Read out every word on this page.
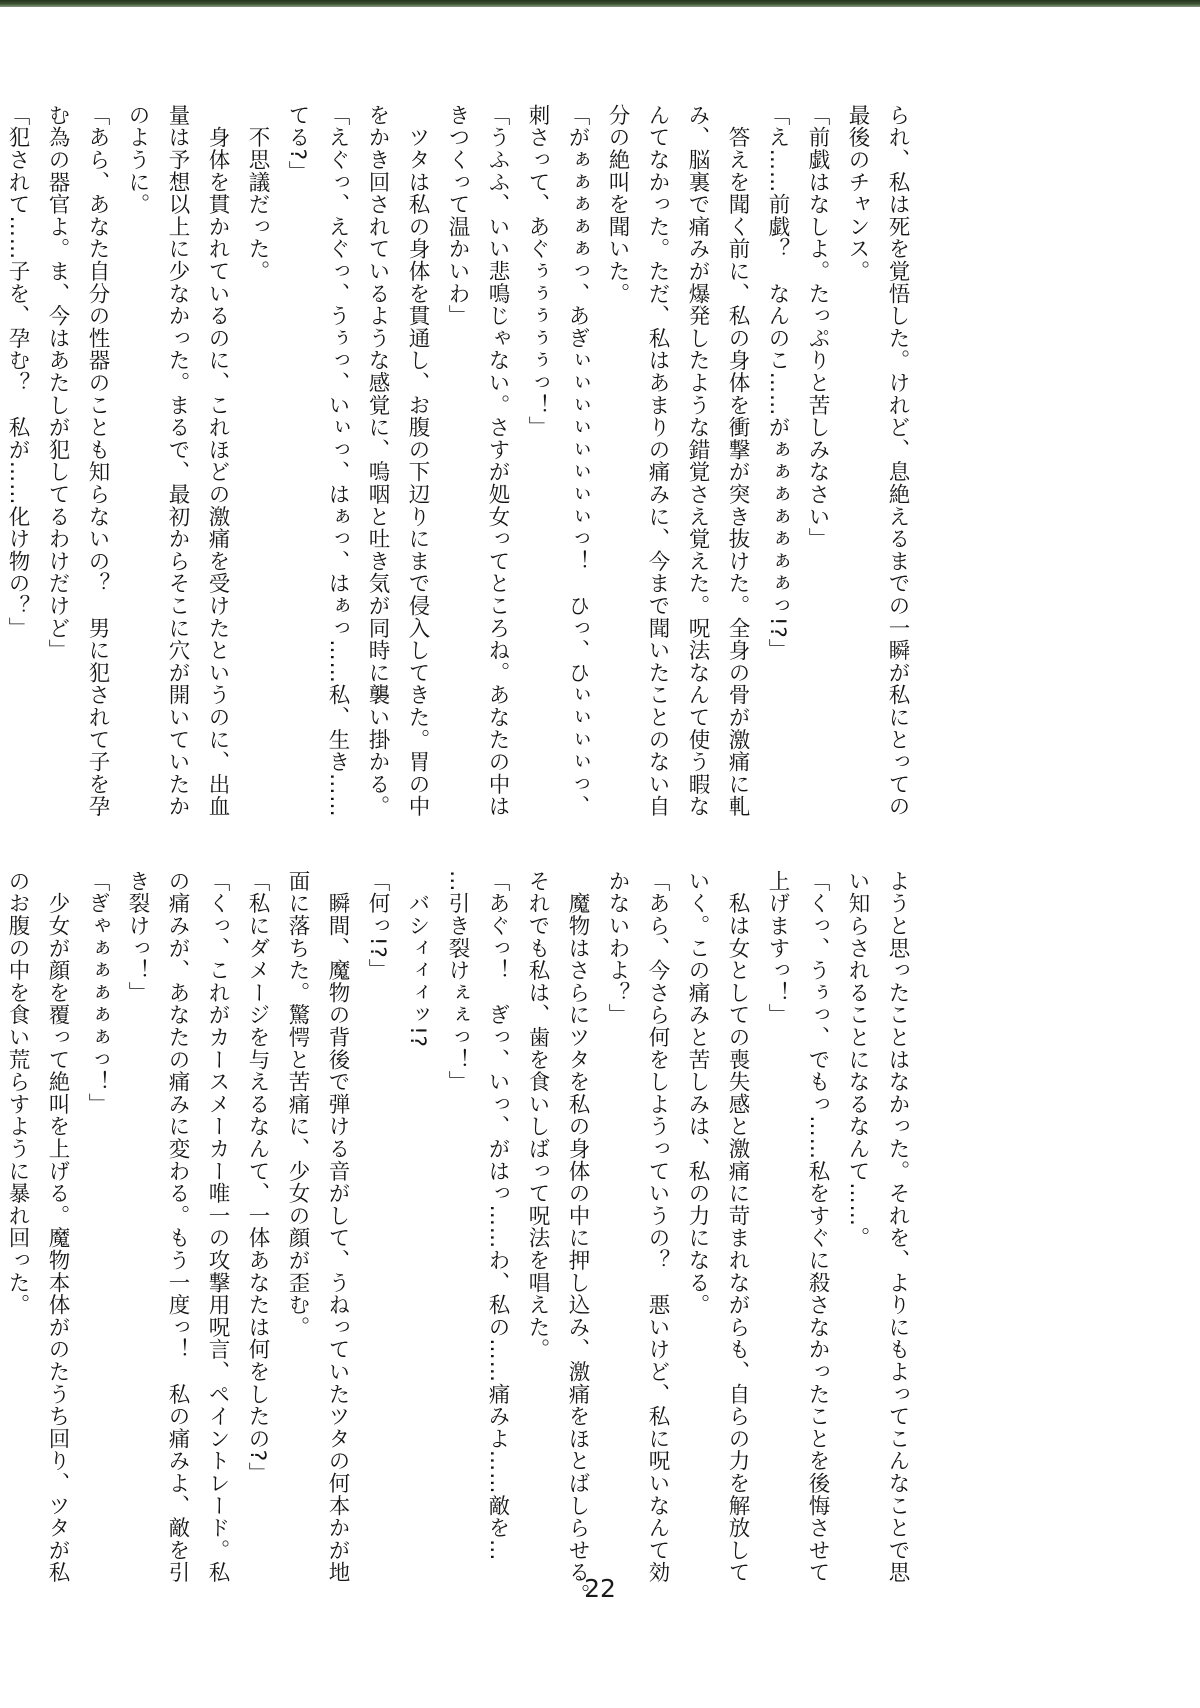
られ、私は死を覚悟した。けれど、息絶えるまでの一瞬が私にとっての
最後のチャンス。
「前戯はなしよ。たっぷりと苦しみなさい」
「え……前戯？　なんのこ……がぁぁぁぁぁぁぁっ!?」
　答えを聞く前に、私の身体を衝撃が突き抜けた。全身の骨が激痛に軋
み、脳裏で痛みが爆発したような錯覚さえ覚えた。呪法なんて使う暇な
んてなかった。ただ、私はあまりの痛みに、今まで聞いたことのない自
分の絶叫を聞いた。
「がぁぁぁぁぁっ、あぎぃぃぃぃぃぃぃぃっ！　ひっ、ひぃぃぃぃっ、
刺さって、あぐぅぅぅぅぅっ！」
「うふふ、いい悲鳴じゃない。さすが処女ってところね。あなたの中は
きつくって温かいわ」
　ツタは私の身体を貫通し、お腹の下辺りにまで侵入してきた。胃の中
をかき回されているような感覚に、嗚咽と吐き気が同時に襲い掛かる。
「えぐっ、えぐっ、うぅっ、いぃっ、はぁっ、はぁっ……私、生き……
てる?」
　不思議だった。
　身体を貫かれているのに、これほどの激痛を受けたというのに、出血
量は予想以上に少なかった。まるで、最初からそこに穴が開いていたか
のように。
「あら、あなた自分の性器のことも知らないの？　男に犯されて子を孕
む為の器官よ。ま、今はあたしが犯してるわけだけど」
「犯されて……子を、孕む？　私が……化け物の？」
ようと思ったことはなかった。それを、よりにもよってこんなことで思
い知らされることになるなんて……。
「くっ、うぅっ、でもっ……私をすぐに殺さなかったことを後悔させて
上げますっ！」
　私は女としての喪失感と激痛に苛まれながらも、自らの力を解放して
いく。この痛みと苦しみは、私の力になる。
「あら、今さら何をしようっていうの？　悪いけど、私に呪いなんて効
かないわよ？」
　魔物はさらにツタを私の身体の中に押し込み、激痛をほとばしらせる。
それでも私は、歯を食いしばって呪法を唱えた。
「あぐっ！　ぎっ、いっ、がはっ……わ、私の……痛みよ……敵を…
…引き裂けぇぇっ！」
　バシィィィッ!?
「何っ!?」
　瞬間、魔物の背後で弾ける音がして、うねっていたツタの何本かが地
面に落ちた。驚愕と苦痛に、少女の顔が歪む。
「私にダメージを与えるなんて、一体あなたは何をしたの?」
「くっ、これがカースメーカー唯一の攻撃用呪言、ペイントレード。私
の痛みが、あなたの痛みに変わる。もう一度っ！　私の痛みよ、敵を引
き裂けっ！」
「ぎゃぁぁぁぁぁっ！」
　少女が顔を覆って絶叫を上げる。魔物本体がのたうち回り、ツタが私
のお腹の中を食い荒らすように暴れ回った。
22
